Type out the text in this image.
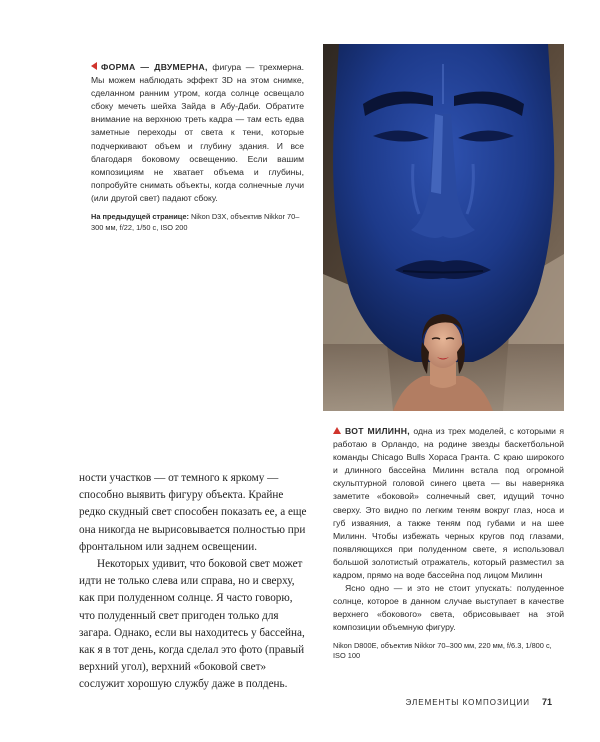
ФОРМА — ДВУМЕРНА, фигура — трехмерна. Мы можем наблюдать эффект 3D на этом снимке, сделанном ранним утром, когда солнце освещало сбоку мечеть шейха Зайда в Абу-Даби. Обратите внимание на верхнюю треть кадра — там есть едва заметные переходы от света к тени, которые подчеркивают объем и глубину здания. И все благодаря боковому освещению. Если вашим композициям не хватает объема и глубины, попробуйте снимать объекты, когда солнечные лучи (или другой свет) падают сбоку.
На предыдущей странице: Nikon D3X, объектив Nikkor 70–300 мм, f/22, 1/50 с, ISO 200

ВОТ МИЛИНН, одна из трех моделей, с которыми я работаю в Орландо, на родине звезды баскетбольной команды Chicago Bulls Хораса Гранта. С краю широкого и длинного бассейна Милинн встала под огромной скульптурной головой синего цвета — вы наверняка заметите «боковой» солнечный свет, идущий точно сверху. Это видно по легким теням вокруг глаз, носа и губ изваяния, а также теням под губами и на шее Милинн. Чтобы избежать черных кругов под глазами, появляющихся при полуденном свете, я использовал большой золотистый отражатель, который разместил за кадром, прямо на воде бассейна под лицом Милинн

Ясно одно — и это не стоит упускать: полуденное солнце, которое в данном случае выступает в качестве верхнего «бокового» света, обрисовывает на этой композиции объемную фигуру.

Nikon D800E, объектив Nikkor 70–300 мм, 220 мм, f/6.3, 1/800 с, ISO 100

ности участков — от темного к яркому — способно выявить фигуру объекта. Крайне редко скудный свет способен показать ее, а еще она никогда не вырисовывается полностью при фронтальном или заднем освещении.

Некоторых удивит, что боковой свет может идти не только слева или справа, но и сверху, как при полуденном солнце. Я часто говорю, что полуденный свет пригоден только для загара. Однако, если вы находитесь у бассейна, как я в тот день, когда сделал это фото (правый верхний угол), верхний «боковой свет» сослужит хорошую службу даже в полдень.

ЭЛЕМЕНТЫ КОМПОЗИЦИИ 71
